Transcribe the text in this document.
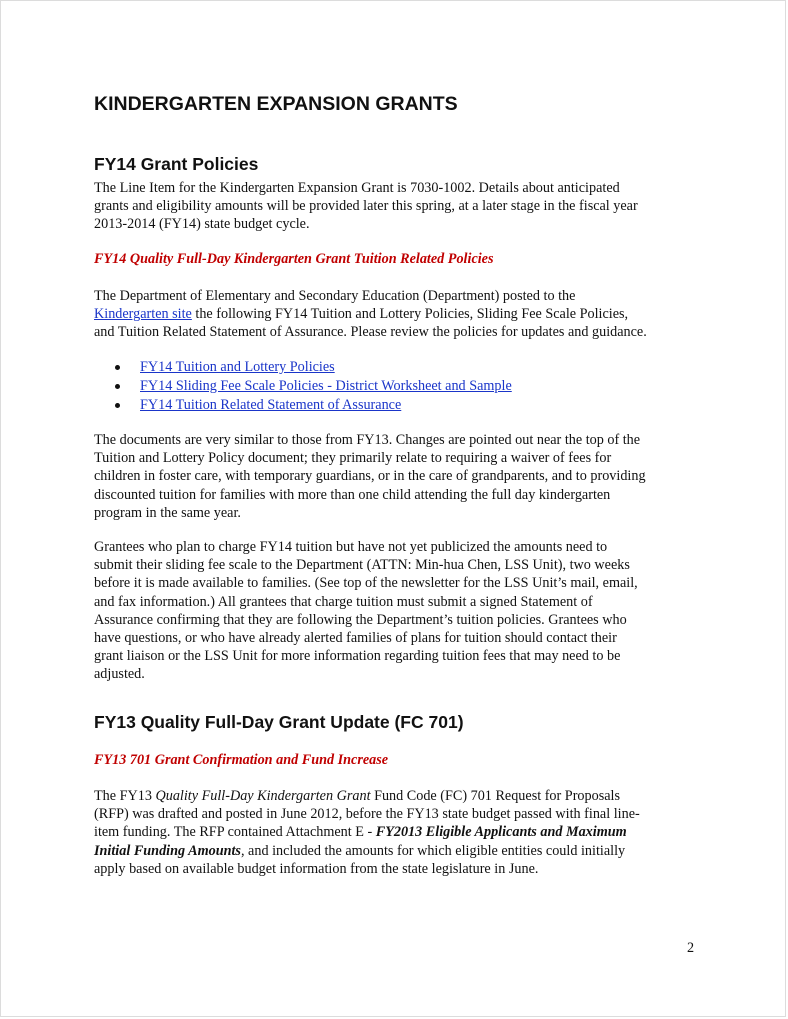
KINDERGARTEN EXPANSION GRANTS
FY14 Grant Policies
The Line Item for the Kindergarten Expansion Grant is 7030-1002. Details about anticipated
grants and eligibility amounts will be provided later this spring, at a later stage in the fiscal year
2013-2014 (FY14) state budget cycle.
FY14 Quality Full-Day Kindergarten Grant Tuition Related Policies
The Department of Elementary and Secondary Education (Department) posted to the
Kindergarten site the following FY14 Tuition and Lottery Policies, Sliding Fee Scale Policies,
and Tuition Related Statement of Assurance. Please review the policies for updates and guidance.
FY14 Tuition and Lottery Policies
FY14 Sliding Fee Scale Policies - District Worksheet and Sample
FY14 Tuition Related Statement of Assurance
The documents are very similar to those from FY13. Changes are pointed out near the top of the
Tuition and Lottery Policy document; they primarily relate to requiring a waiver of fees for
children in foster care, with temporary guardians, or in the care of grandparents, and to providing
discounted tuition for families with more than one child attending the full day kindergarten
program in the same year.
Grantees who plan to charge FY14 tuition but have not yet publicized the amounts need to
submit their sliding fee scale to the Department (ATTN: Min-hua Chen, LSS Unit), two weeks
before it is made available to families. (See top of the newsletter for the LSS Unit’s mail, email,
and fax information.) All grantees that charge tuition must submit a signed Statement of
Assurance confirming that they are following the Department’s tuition policies. Grantees who
have questions, or who have already alerted families of plans for tuition should contact their
grant liaison or the LSS Unit for more information regarding tuition fees that may need to be
adjusted.
FY13 Quality Full-Day Grant Update (FC 701)
FY13 701 Grant Confirmation and Fund Increase
The FY13 Quality Full-Day Kindergarten Grant Fund Code (FC) 701 Request for Proposals
(RFP) was drafted and posted in June 2012, before the FY13 state budget passed with final line-
item funding. The RFP contained Attachment E - FY2013 Eligible Applicants and Maximum
Initial Funding Amounts, and included the amounts for which eligible entities could initially
apply based on available budget information from the state legislature in June.
2
